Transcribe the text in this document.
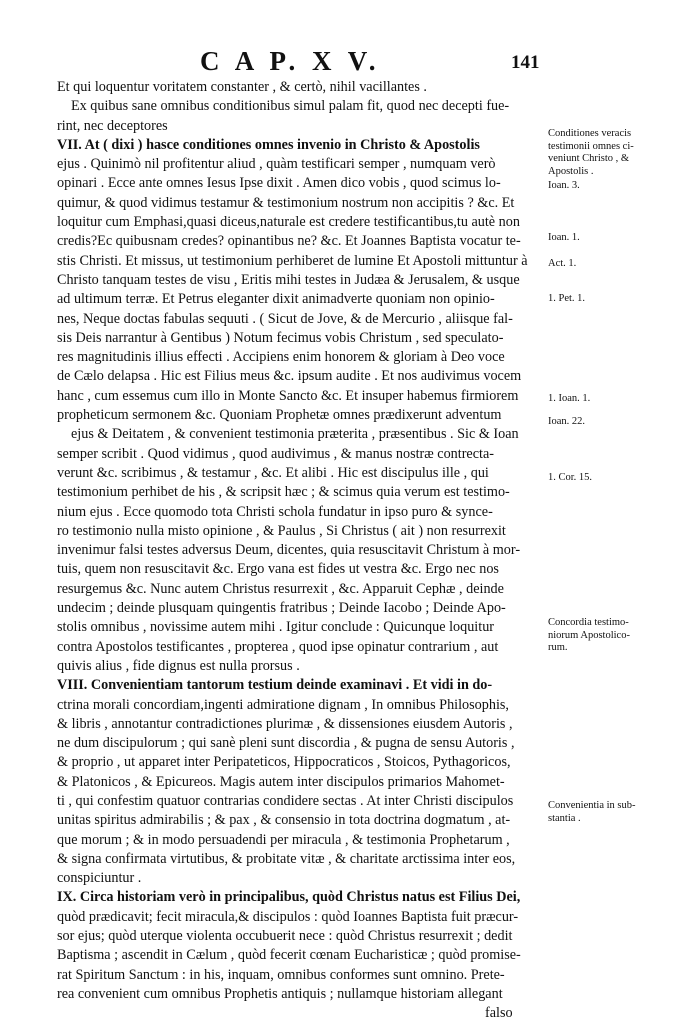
C A P. X V.	141
Et qui loquentur voritatem constanter , & certò, nihil vacillantes .
Ex quibus sane omnibus conditionibus simul palam fit, quod nec decepti fue-
rint, nec deceptores
VII. At ( dixi ) hasce conditiones omnes invenio in Christo & Apostolis
ejus . Quinimò nil profitentur aliud , quàm testificari semper , numquam verò
opinari . Ecce ante omnes Iesus Ipse dixit . Amen dico vobis , quod scimus lo-
quimur, & quod vidimus testamur & testimonium nostrum non accipitis ? &c. Et
loquitur cum Emphasi,quasi diceus,naturale est credere testificantibus,tu autè non
credis?Ec quibusnam credes? opinantibus ne? &c. Et Joannes Baptista vocatur te-
stis Christi. Et missus, ut testimonium perhiberet de lumine Et Apostoli mittuntur à
Christo tanquam testes de visu , Eritis mihi testes in Judæa & Jerusalem, & usque
ad ultimum terræ. Et Petrus eleganter dixit animadverte quoniam non opinio-
nes, Neque doctas fabulas sequuti . ( Sicut de Jove, & de Mercurio , aliisque fal-
sis Deis narrantur à Gentibus ) Notum fecimus vobis Christum , sed speculato-
res magnitudinis illius effecti . Accipiens enim honorem & gloriam à Deo voce
de Cælo delapsa . Hic est Filius meus &c. ipsum audite . Et nos audivimus vocem
hanc , cum essemus cum illo in Monte Sancto &c. Et insuper habemus firmiorem
propheticum sermonem &c. Quoniam Prophetæ omnes prædixerunt adventum
ejus & Deitatem , & convenient testimonia præterita , præsentibus . Sic & Ioan
semper scribit . Quod vidimus , quod audivimus , & manus nostræ contrecta-
verunt &c. scribimus , & testamur , &c. Et alibi . Hic est discipulus ille , qui
testimonium perhibet de his , & scripsit hæc ; & scimus quia verum est testimo-
nium ejus . Ecce quomodo tota Christi schola fundatur in ipso puro & synce-
ro testimonio nulla misto opinione , & Paulus , Si Christus ( ait ) non resurrexit
invenimur falsi testes adversus Deum, dicentes, quia resuscitavit Christum à mor-
tuis, quem non resuscitavit &c. Ergo vana est fides ut vestra &c. Ergo nec nos
resurgemus &c. Nunc autem Christus resurrexit , &c. Apparuit Cephæ , deinde
undecim ; deinde plusquam quingentis fratribus ; Deinde Iacobo ; Deinde Apo-
stolis omnibus , novissime autem mihi . Igitur conclude : Quicunque loquitur
contra Apostolos testificantes , propterea , quod ipse opinatur contrarium , aut
quivis alius , fide dignus est nulla prorsus .
VIII. Convenientiam tantorum testium deinde examinavi . Et vidi in do-
ctrina morali concordiam,ingenti admiratione dignam , In omnibus Philosophis,
& libris , annotantur contradictiones plurimæ , & dissensiones eiusdem Autoris ,
ne dum discipulorum ; qui sanè pleni sunt discordia , & pugna de sensu Autoris ,
& proprio , ut apparet inter Peripateticos, Hippocraticos , Stoicos, Pythagoricos,
& Platonicos , & Epicureos. Magis autem inter discipulos primarios Mahomet-
ti , qui confestim quatuor contrarias condidere sectas . At inter Christi discipulos
unitas spiritus admirabilis ; & pax , & consensio in tota doctrina dogmatum , at-
que morum ; & in modo persuadendi per miracula , & testimonia Prophetarum ,
& signa confirmata virtutibus, & probitate vitæ , & charitate arctissima inter eos,
conspiciuntur .
IX. Circa historiam verò in principalibus, quòd Christus natus est Filius Dei,
quòd prædicavit; fecit miracula,& discipulos : quòd Ioannes Baptista fuit præcur-
sor ejus; quòd uterque violenta occubuerit nece : quòd Christus resurrexit ; dedit
Baptisma ; ascendit in Cælum , quòd fecerit cœnam Eucharisticæ ; quòd promise-
rat Spiritum Sanctum : in his, inquam, omnibus conformes sunt omnino. Prete-
rea convenient cum omnibus Prophetis antiquis ; nullamque historiam allegant
falso
Conditiones veracis
testimonii omnes ci-
veniunt Christo , &
Apostolis .
Ioan. 3.
Ioan. 1.
Act. 1.
1. Pet. 1.
1. Ioan. 1.
Ioan. 22.
1. Cor. 15.
Concordia testimo-
niorum Apostolico-
rum.
Convenientia in sub-
stantia .
